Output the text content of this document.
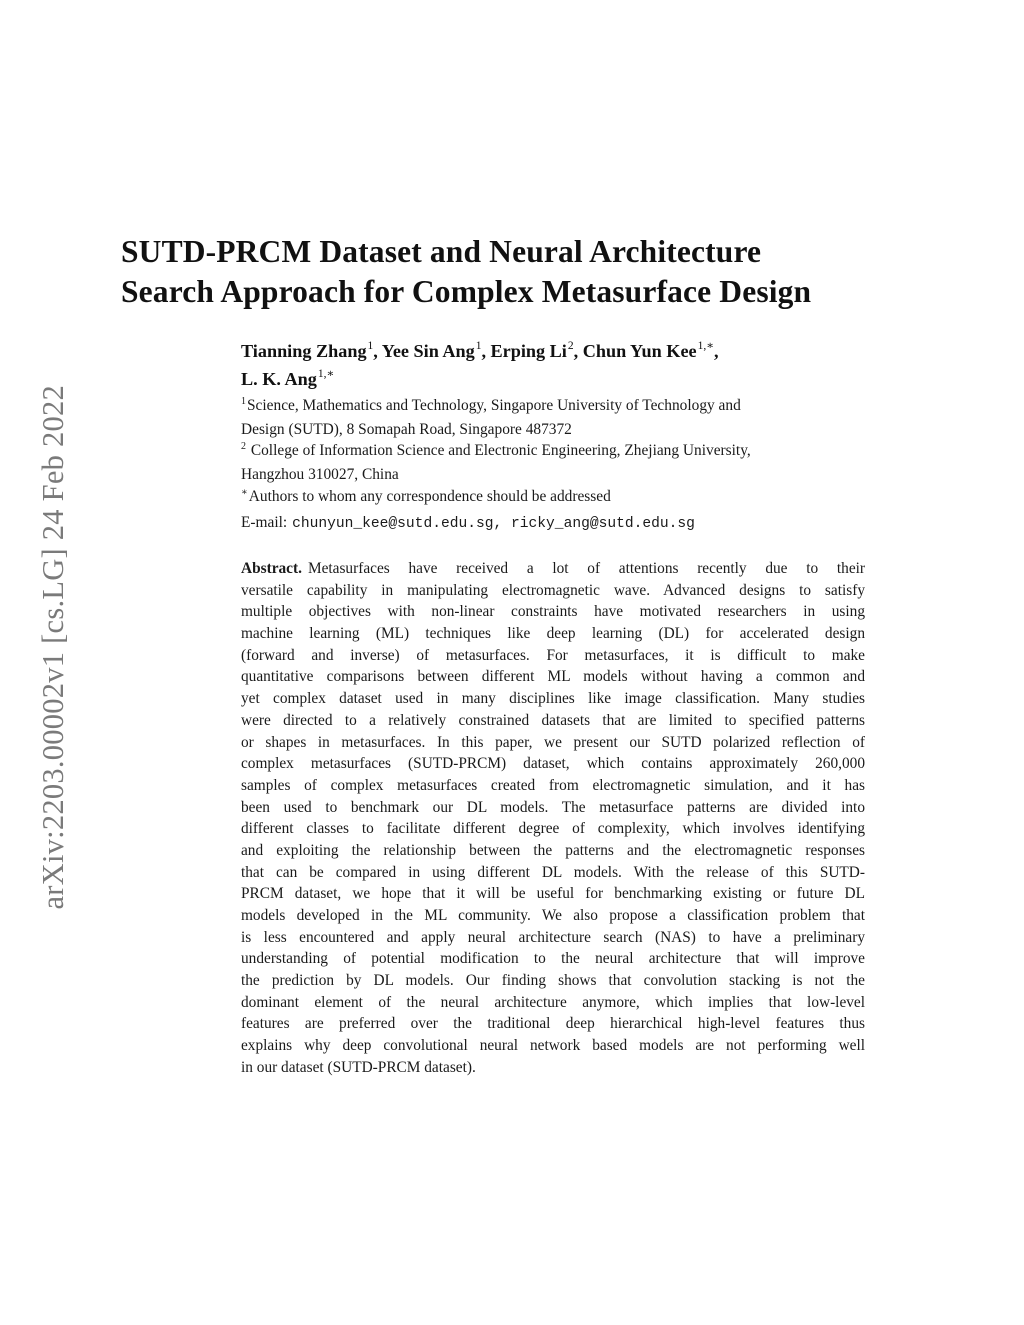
arXiv:2203.00002v1 [cs.LG] 24 Feb 2022
SUTD-PRCM Dataset and Neural Architecture
Search Approach for Complex Metasurface Design
Tianning Zhang$^1$, Yee Sin Ang$^1$, Erping Li$^2$, Chun Yun Kee$^{1,∗}$,
L. K. Ang$^{1,∗}$
$^1$Science, Mathematics and Technology, Singapore University of Technology and
Design (SUTD), 8 Somapah Road, Singapore 487372
$^2$ College of Information Science and Electronic Engineering, Zhejiang University,
Hangzhou 310027, China
∗Authors to whom any correspondence should be addressed
E-mail: chunyun_kee@sutd.edu.sg, ricky_ang@sutd.edu.sg
Abstract. Metasurfaces have received a lot of attentions recently due to their
versatile capability in manipulating electromagnetic wave. Advanced designs to satisfy
multiple objectives with non-linear constraints have motivated researchers in using
machine learning (ML) techniques like deep learning (DL) for accelerated design
(forward and inverse) of metasurfaces. For metasurfaces, it is difficult to make
quantitative comparisons between different ML models without having a common and
yet complex dataset used in many disciplines like image classification. Many studies
were directed to a relatively constrained datasets that are limited to specified patterns
or shapes in metasurfaces. In this paper, we present our SUTD polarized reflection of
complex metasurfaces (SUTD-PRCM) dataset, which contains approximately 260,000
samples of complex metasurfaces created from electromagnetic simulation, and it has
been used to benchmark our DL models. The metasurface patterns are divided into
different classes to facilitate different degree of complexity, which involves identifying
and exploiting the relationship between the patterns and the electromagnetic responses
that can be compared in using different DL models. With the release of this SUTD-
PRCM dataset, we hope that it will be useful for benchmarking existing or future DL
models developed in the ML community. We also propose a classification problem that
is less encountered and apply neural architecture search (NAS) to have a preliminary
understanding of potential modification to the neural architecture that will improve
the prediction by DL models. Our finding shows that convolution stacking is not the
dominant element of the neural architecture anymore, which implies that low-level
features are preferred over the traditional deep hierarchical high-level features thus
explains why deep convolutional neural network based models are not performing well
in our dataset (SUTD-PRCM dataset).
